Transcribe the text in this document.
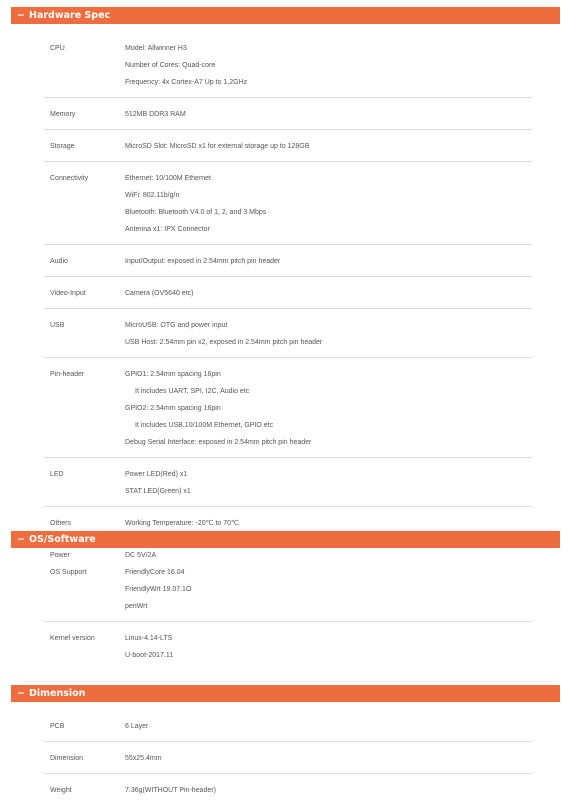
− Hardware Spec
CPU	Model: Allwinner H3
Number of Cores: Quad-core
Frequency: 4x Cortex-A7 Up to 1.2GHz
Memory	512MB DDR3 RAM
Storage	MicroSD Slot: MicroSD x1 for external storage up to 128GB
Connectivity	Ethernet: 10/100M Ethernet
WiFi: 802.11b/g/n
Bluetooth: Bluetooth V4.0 of 1, 2, and 3 Mbps
Antenna x1: IPX Connector
Audio	Input/Output: exposed in 2.54mm pitch pin header
Video-Input	Camera (OV5640 etc)
USB	MicroUSB: OTG and power input
USB Host: 2.54mm pin x2, exposed in 2.54mm pitch pin header
Pin-header	GPIO1: 2.54mm spacing 16pin
It includes UART, SPI, I2C, Audio etc
GPIO2: 2.54mm spacing 16pin
It includes USB,10/100M Ethernet, GPIO etc
Debug Serial Interface: exposed in 2.54mm pitch pin header
LED	Power LED(Red) x1
STAT LED(Green) x1
Others	Working Temperature: -20℃ to 70℃
Power	DC 5V/2A
− OS/Software
OS Support	FriendlyCore 16.04
FriendlyWrt 19.07.1O
penWrt
Kernel version	Linux-4.14-LTS
U-boot-2017.11
− Dimension
PCB	6 Layer
Dimension	55x25.4mm
Weight	7.36g(WITHOUT Pin-header)
